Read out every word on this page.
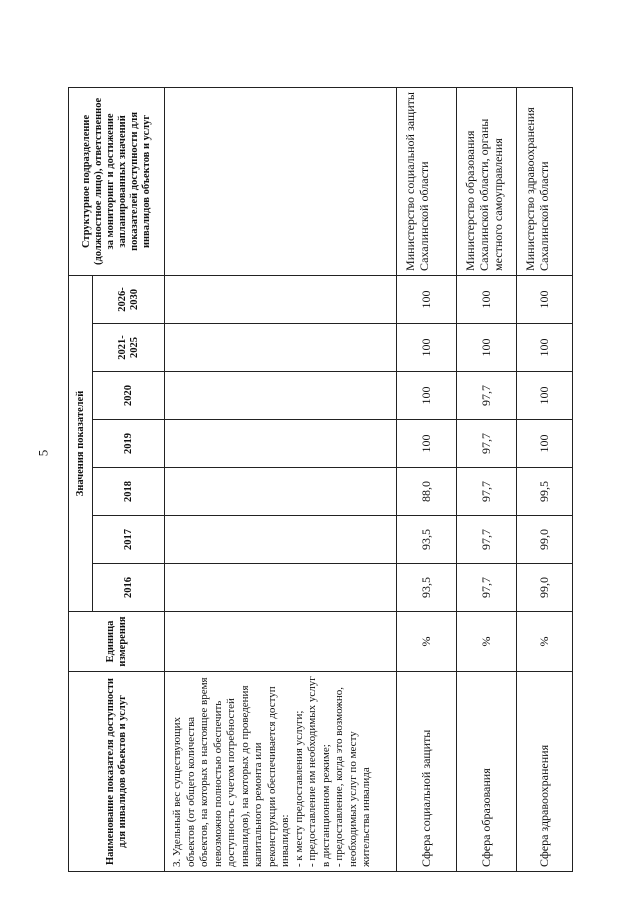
5
Наименование показателя доступности для инвалидов объектов и услуг	Единица измерения	Значения показателей							Структурное подразделение (должностное лицо), ответственное за мониторинг и достижение запланированных значений показателей доступности для инвалидов объектов и услуг
		2016	2017	2018	2019	2020	2021-2025	2026-2030	
3. Удельный вес существующих объектов (от общего количества объектов, на которых в настоящее время невозможно полностью обеспечить доступность с учетом потребностей инвалидов), на которых до проведения капитального ремонта или реконструкции обеспечивается доступ инвалидов:
- к месту предоставления услуги;
- предоставление им необходимых услуг в дистанционном режиме;
- предоставление, когда это возможно, необходимых услуг по месту жительства инвалида									
Сфера социальной защиты	%	93,5	93,5	88,0	100	100	100	100	Министерство социальной защиты Сахалинской области
Сфера образования	%	97,7	97,7	97,7	97,7	97,7	100	100	Министерство образования Сахалинской области, органы местного самоуправления
Сфера здравоохранения	%	99,0	99,0	99,5	100	100	100	100	Министерство здравоохранения Сахалинской области
